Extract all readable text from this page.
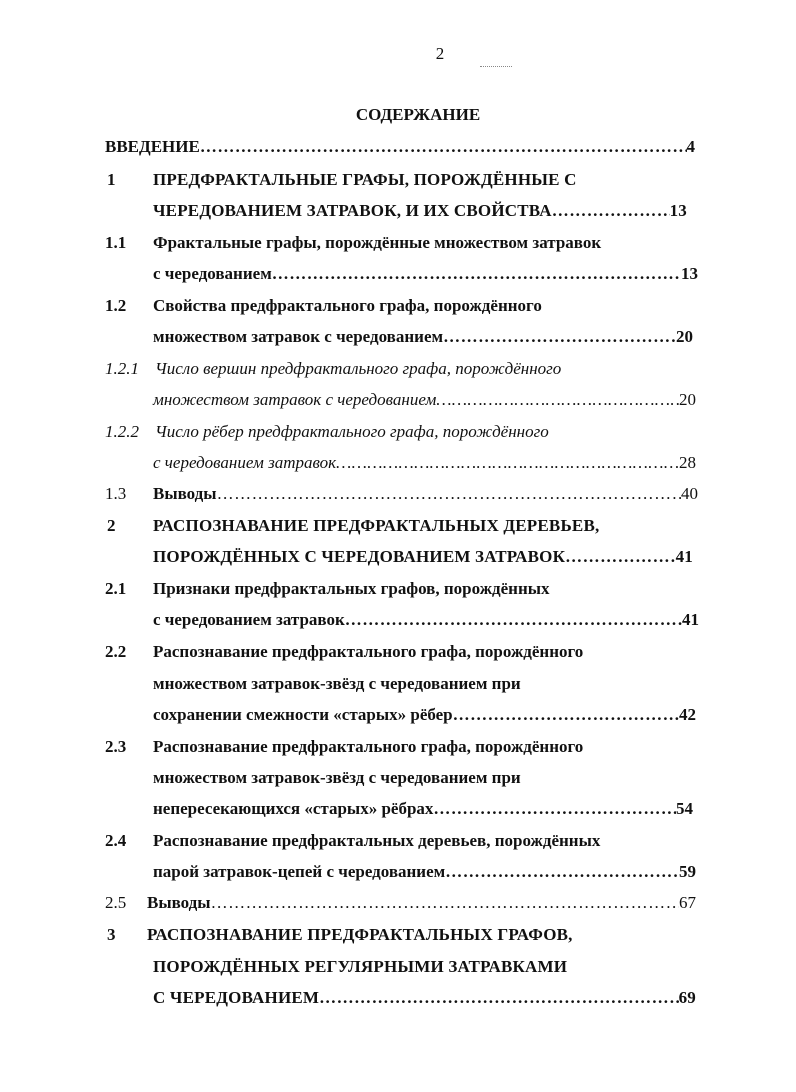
2
СОДЕРЖАНИЕ
ВВЕДЕНИЕ …………………………………………………………………………………………………………………………………………………………	4
1 ПРЕДФРАКТАЛЬНЫЕ ГРАФЫ, ПОРОЖДЁННЫЕ С
ЧЕРЕДОВАНИЕМ ЗАТРАВОК, И ИХ СВОЙСТВА …………………………………………………………………………………………………………………………………………………………	13
1.1 Фрактальные графы, порождённые множеством затравок
с чередованием …………………………………………………………………………………………………………………………………………………………	13
1.2 Свойства предфрактального графа, порождённого
множеством затравок с чередованием …………………………………………………………………………………………………………………………………………………………	20
1.2.1 Число вершин предфрактального графа, порождённого
множеством затравок с чередованием …………………………………………………………………………………………………………………………………………………………	20
1.2.2 Число рёбер предфрактального графа, порождённого
с чередованием затравок …………………………………………………………………………………………………………………………………………………………	28
1.3 Выводы …………………………………………………………………………………………………………………………………………………………	40
2 РАСПОЗНАВАНИЕ ПРЕДФРАКТАЛЬНЫХ ДЕРЕВЬЕВ,
ПОРОЖДЁННЫХ С ЧЕРЕДОВАНИЕМ ЗАТРАВОК …………………………………………………………………………………………………………………………………………………………	41
2.1 Признаки предфрактальных графов, порождённых
с чередованием затравок …………………………………………………………………………………………………………………………………………………………	41
2.2 Распознавание предфрактального графа, порождённого
множеством затравок-звёзд с чередованием при
сохранении смежности «старых» рёбер …………………………………………………………………………………………………………………………………………………………	42
2.3 Распознавание предфрактального графа, порождённого
множеством затравок-звёзд с чередованием при
непересекающихся «старых» рёбрах …………………………………………………………………………………………………………………………………………………………	54
2.4 Распознавание предфрактальных деревьев, порождённых
парой затравок-цепей с чередованием …………………………………………………………………………………………………………………………………………………………	59
2.5 Выводы …………………………………………………………………………………………………………………………………………………………	67
3 РАСПОЗНАВАНИЕ ПРЕДФРАКТАЛЬНЫХ ГРАФОВ,
ПОРОЖДЁННЫХ РЕГУЛЯРНЫМИ ЗАТРАВКАМИ
С ЧЕРЕДОВАНИЕМ …………………………………………………………………………………………………………………………………………………………	69
